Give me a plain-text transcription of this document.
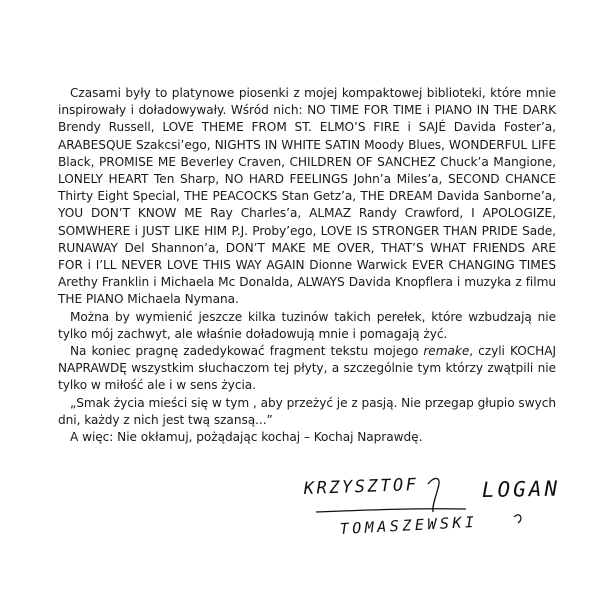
Czasami były to platynowe piosenki z mojej kompaktowej biblioteki, które mnie inspirowały i doładowywały. Wśród nich: NO TIME FOR TIME i PIANO IN THE DARK Brendy Russell, LOVE THEME FROM ST. ELMO’S FIRE i SAJÉ Davida Foster’a, ARABESQUE Szakcsi’ego, NIGHTS IN WHITE SATIN Moody Blues, WONDERFUL LIFE Black, PROMISE ME Beverley Craven, CHILDREN OF SANCHEZ Chuck’a Mangione, LONELY HEART Ten Sharp, NO HARD FEELINGS John’a Miles’a, SECOND CHANCE Thirty Eight Special, THE PEACOCKS Stan Getz’a, THE DREAM Davida Sanborne’a, YOU DON’T KNOW ME Ray Charles’a, ALMAZ Randy Crawford, I APOLOGIZE, SOMWHERE i JUST LIKE HIM P.J. Proby’ego, LOVE IS STRONGER THAN PRIDE Sade, RUNAWAY Del Shannon’a, DON’T MAKE ME OVER, THAT’S WHAT FRIENDS ARE FOR i I’LL NEVER LOVE THIS WAY AGAIN Dionne Warwick EVER CHANGING TIMES Arethy Franklin i Michaela Mc Donalda, ALWAYS Davida Knopflera i muzyka z filmu THE PIANO Michaela Nymana.

Można by wymienić jeszcze kilka tuzinów takich perełek, które wzbudzają nie tylko mój zachwyt, ale właśnie doładowują mnie i pomagają żyć.

Na koniec pragnę zadedykować fragment tekstu mojego remake, czyli KOCHAJ NAPRAWDĘ wszystkim słuchaczom tej płyty, a szczególnie tym którzy zwątpili nie tylko w miłość ale i w sens życia.

„Smak życia mieści się w tym , aby przeżyć je z pasją. Nie przegap głupio swych dni, każdy z nich jest twą szansą...”

A więc: Nie okłamuj, pożądając kochaj – Kochaj Naprawdę.

KRZYSZTOF	LOGAN
TOMASZEWSKI
